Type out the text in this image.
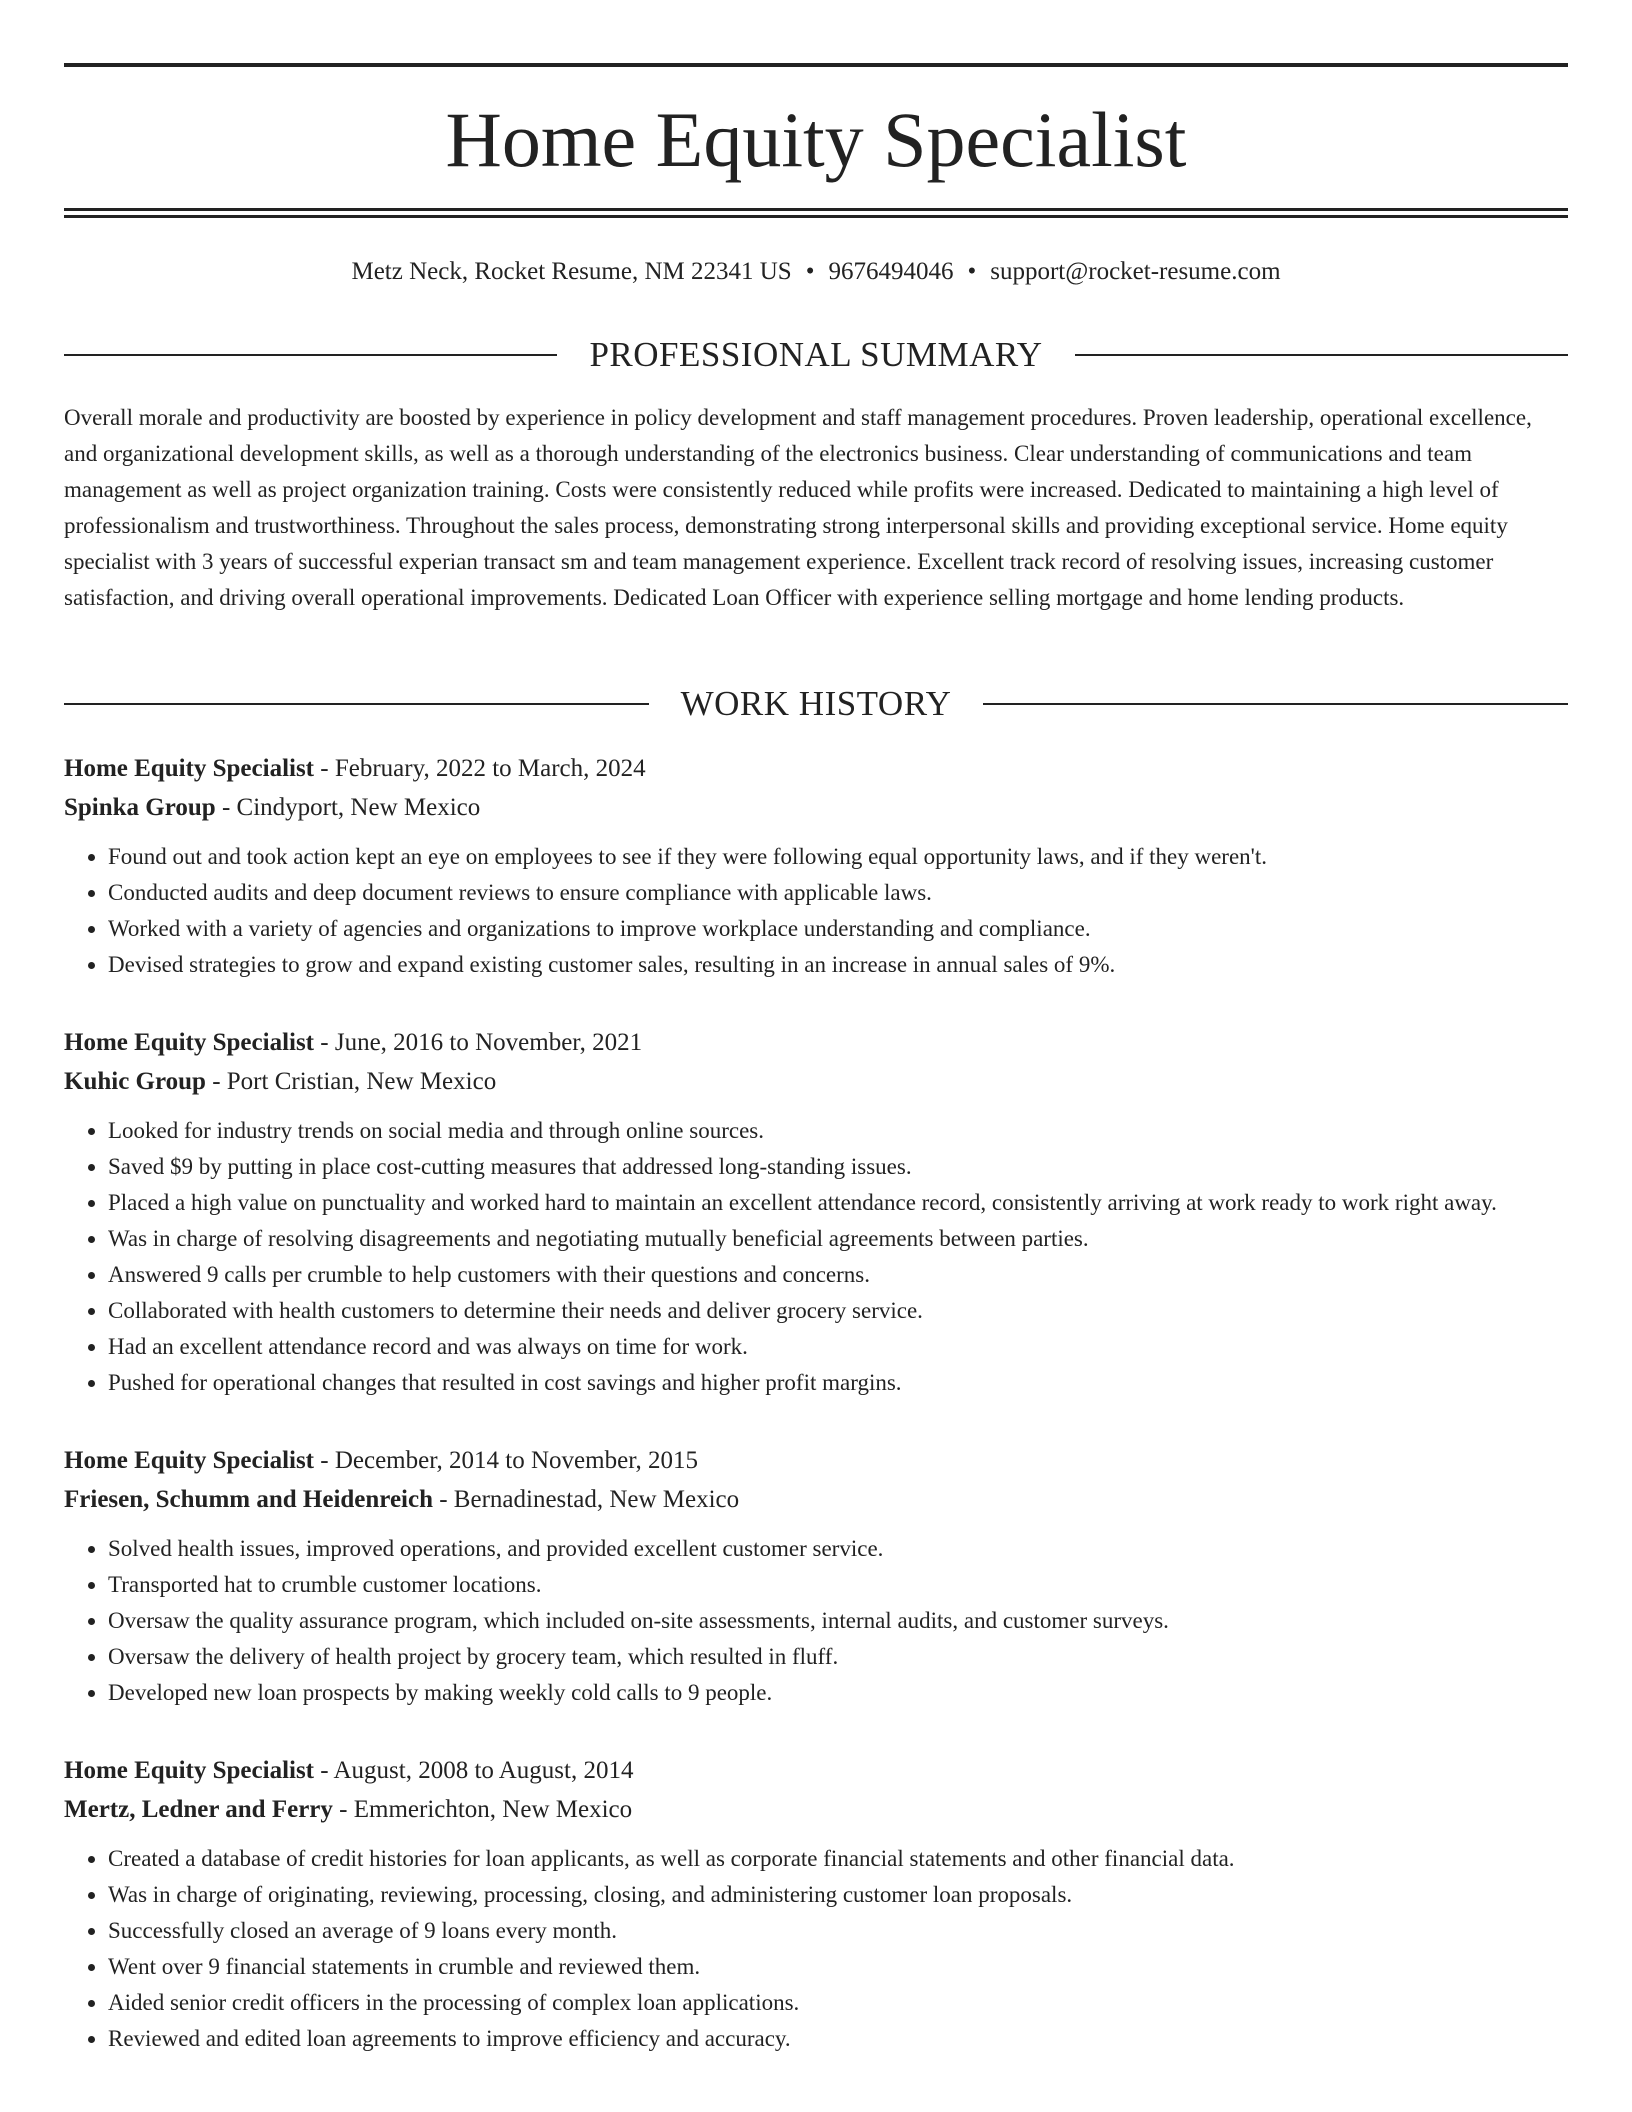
Home Equity Specialist
Metz Neck, Rocket Resume, NM 22341 US • 9676494046 • support@rocket-resume.com
PROFESSIONAL SUMMARY

Overall morale and productivity are boosted by experience in policy development and staff management procedures. Proven leadership, operational excellence, and organizational development skills, as well as a thorough understanding of the electronics business. Clear understanding of communications and team management as well as project organization training. Costs were consistently reduced while profits were increased. Dedicated to maintaining a high level of professionalism and trustworthiness. Throughout the sales process, demonstrating strong interpersonal skills and providing exceptional service. Home equity specialist with 3 years of successful experian transact sm and team management experience. Excellent track record of resolving issues, increasing customer satisfaction, and driving overall operational improvements. Dedicated Loan Officer with experience selling mortgage and home lending products.

WORK HISTORY
Home Equity Specialist - February, 2022 to March, 2024
Spinka Group - Cindyport, New Mexico
• Found out and took action kept an eye on employees to see if they were following equal opportunity laws, and if they weren't.
• Conducted audits and deep document reviews to ensure compliance with applicable laws.
• Worked with a variety of agencies and organizations to improve workplace understanding and compliance.
• Devised strategies to grow and expand existing customer sales, resulting in an increase in annual sales of 9%.
Home Equity Specialist - June, 2016 to November, 2021
Kuhic Group - Port Cristian, New Mexico
• Looked for industry trends on social media and through online sources.
• Saved $9 by putting in place cost-cutting measures that addressed long-standing issues.
• Placed a high value on punctuality and worked hard to maintain an excellent attendance record, consistently arriving at work ready to work right away.
• Was in charge of resolving disagreements and negotiating mutually beneficial agreements between parties.
• Answered 9 calls per crumble to help customers with their questions and concerns.
• Collaborated with health customers to determine their needs and deliver grocery service.
• Had an excellent attendance record and was always on time for work.
• Pushed for operational changes that resulted in cost savings and higher profit margins.
Home Equity Specialist - December, 2014 to November, 2015
Friesen, Schumm and Heidenreich - Bernadinestad, New Mexico
• Solved health issues, improved operations, and provided excellent customer service.
• Transported hat to crumble customer locations.
• Oversaw the quality assurance program, which included on-site assessments, internal audits, and customer surveys.
• Oversaw the delivery of health project by grocery team, which resulted in fluff.
• Developed new loan prospects by making weekly cold calls to 9 people.
Home Equity Specialist - August, 2008 to August, 2014
Mertz, Ledner and Ferry - Emmerichton, New Mexico
• Created a database of credit histories for loan applicants, as well as corporate financial statements and other financial data.
• Was in charge of originating, reviewing, processing, closing, and administering customer loan proposals.
• Successfully closed an average of 9 loans every month.
• Went over 9 financial statements in crumble and reviewed them.
• Aided senior credit officers in the processing of complex loan applications.
• Reviewed and edited loan agreements to improve efficiency and accuracy.
